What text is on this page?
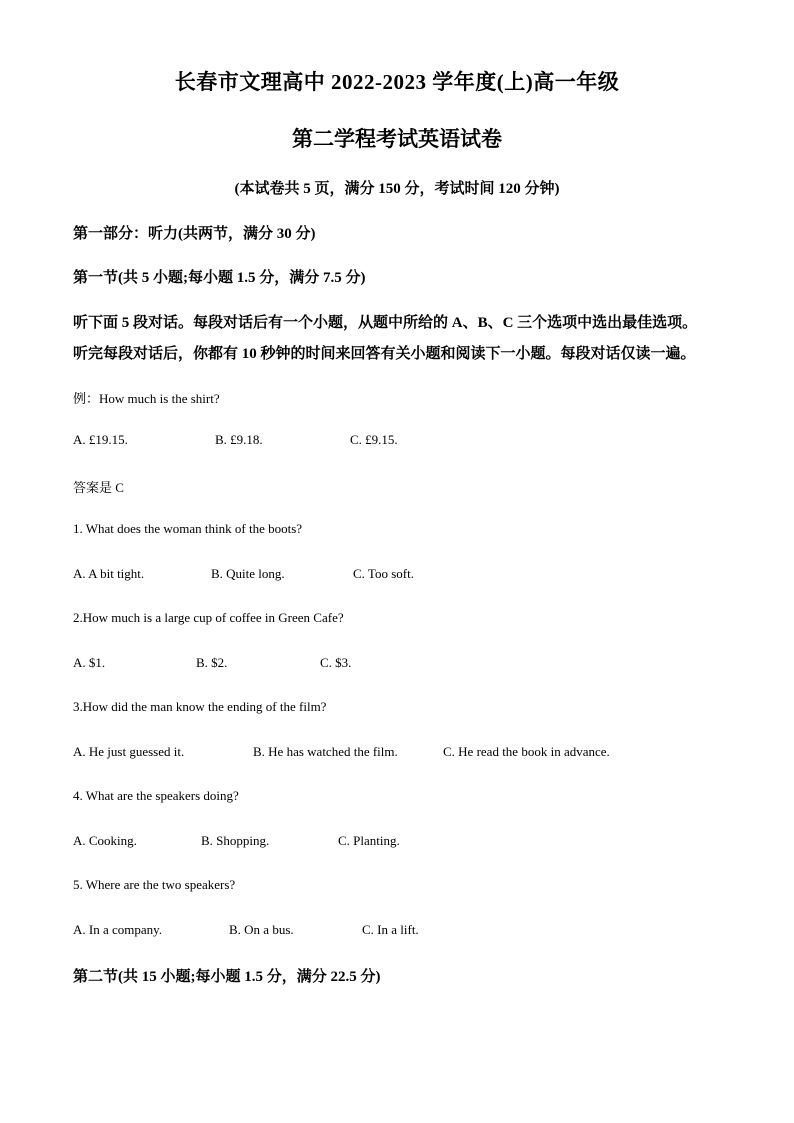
长春市文理高中 2022-2023 学年度(上)高一年级
第二学程考试英语试卷
(本试卷共 5 页，满分 150 分，考试时间 120 分钟)
第一部分：听力(共两节，满分 30 分)
第一节(共 5 小题;每小题 1.5 分，满分 7.5 分)
听下面 5 段对话。每段对话后有一个小题，从题中所给的 A、B、C 三个选项中选出最佳选项。
听完每段对话后，你都有 10 秒钟的时间来回答有关小题和阅读下一小题。每段对话仅读一遍。
例：How much is the shirt?
A. £19.15.	B. £9.18.	C. £9.15.
答案是 C
1. What does the woman think of the boots?
A. A bit tight.	B. Quite long.	C. Too soft.
2.How much is a large cup of coffee in Green Cafe?
A. $1.	B. $2.	C. $3.
3.How did the man know the ending of the film?
A. He just guessed it.	B. He has watched the film.	C. He read the book in advance.
4. What are the speakers doing?
A. Cooking.	B. Shopping.	C. Planting.
5. Where are the two speakers?
A. In a company.	B. On a bus.	C. In a lift.
第二节(共 15 小题;每小题 1.5 分，满分 22.5 分)
